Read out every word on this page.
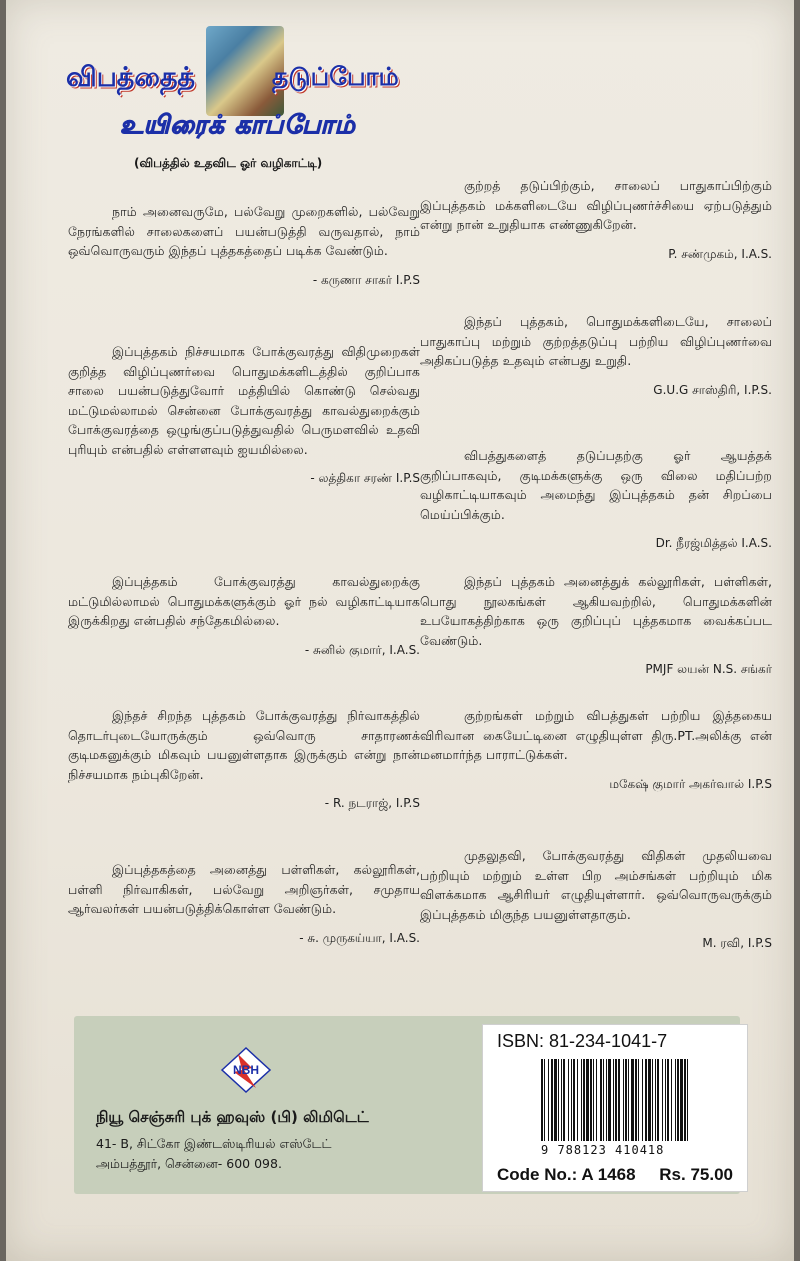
விபத்தைத்	தடுப்போம்
உயிரைக் காப்போம்
(விபத்தில் உதவிட ஓர் வழிகாட்டி)

நாம் அனைவருமே, பல்வேறு முறைகளில், பல்வேறு நேரங்களில் சாலைகளைப் பயன்படுத்தி வருவதால், நாம் ஒவ்வொருவரும் இந்தப் புத்தகத்தைப் படிக்க வேண்டும்.

- கருணா சாகர் I.P.S

இப்புத்தகம் நிச்சயமாக போக்குவரத்து விதிமுறைகள் குறித்த விழிப்புணர்வை பொதுமக்களிடத்தில் குறிப்பாக சாலை பயன்படுத்துவோர் மத்தியில் கொண்டு செல்வது மட்டுமல்லாமல் சென்னை போக்குவரத்து காவல்துறைக்கும் போக்குவரத்தை ஒழுங்குப்படுத்துவதில் பெருமளவில் உதவி புரியும் என்பதில் எள்ளளவும் ஐயமில்லை.

- லத்திகா சரண் I.P.S

இப்புத்தகம் போக்குவரத்து காவல்துறைக்கு மட்டுமில்லாமல் பொதுமக்களுக்கும் ஓர் நல் வழிகாட்டியாக இருக்கிறது என்பதில் சந்தேகமில்லை.

- சுனில் குமார், I.A.S.

இந்தச் சிறந்த புத்தகம் போக்குவரத்து நிர்வாகத்தில் தொடர்புடையோருக்கும் ஒவ்வொரு சாதாரணக் குடிமகனுக்கும் மிகவும் பயனுள்ளதாக இருக்கும் என்று நான் நிச்சயமாக நம்புகிறேன்.

- R. நடராஜ், I.P.S

இப்புத்தகத்தை அனைத்து பள்ளிகள், கல்லூரிகள், பள்ளி நிர்வாகிகள், பல்வேறு அறிஞர்கள், சமுதாய ஆர்வலர்கள் பயன்படுத்திக்கொள்ள வேண்டும்.

- சு. முருகய்யா, I.A.S.

குற்றத் தடுப்பிற்கும், சாலைப் பாதுகாப்பிற்கும் இப்புத்தகம் மக்களிடையே விழிப்புணர்ச்சியை ஏற்படுத்தும் என்று நான் உறுதியாக எண்ணுகிறேன்.

P. சண்முகம், I.A.S.

இந்தப் புத்தகம், பொதுமக்களிடையே, சாலைப் பாதுகாப்பு மற்றும் குற்றத்தடுப்பு பற்றிய விழிப்புணர்வை அதிகப்படுத்த உதவும் என்பது உறுதி.

G.U.G சாஸ்திரி, I.P.S.

விபத்துகளைத் தடுப்பதற்கு ஓர் ஆயத்தக் குறிப்பாகவும், குடிமக்களுக்கு ஒரு விலை மதிப்பற்ற வழிகாட்டியாகவும் அமைந்து இப்புத்தகம் தன் சிறப்பை மெய்ப்பிக்கும்.

Dr. நீரஜ்மித்தல் I.A.S.

இந்தப் புத்தகம் அனைத்துக் கல்லூரிகள், பள்ளிகள், பொது நூலகங்கள் ஆகியவற்றில், பொதுமக்களின் உபயோகத்திற்காக ஒரு குறிப்புப் புத்தகமாக வைக்கப்பட வேண்டும்.

PMJF லயன் N.S. சங்கர்

குற்றங்கள் மற்றும் விபத்துகள் பற்றிய இத்தகைய விரிவான கையேட்டினை எழுதியுள்ள திரு.PT.அலிக்கு என் மனமார்ந்த பாராட்டுக்கள்.

மகேஷ் குமார் அகர்வால் I.P.S

முதலுதவி, போக்குவரத்து விதிகள் முதலியவை பற்றியும் மற்றும் உள்ள பிற அம்சங்கள் பற்றியும் மிக விளக்கமாக ஆசிரியர் எழுதியுள்ளார். ஒவ்வொருவருக்கும் இப்புத்தகம் மிகுந்த பயனுள்ளதாகும்.

M. ரவி, I.P.S
NBH
நியூ செஞ்சுரி புக் ஹவுஸ் (பி) லிமிடெட்
41- B, சிட்கோ இண்டஸ்டிரியல் எஸ்டேட்
அம்பத்தூர், சென்னை- 600 098.
ISBN: 81-234-1041-7
9 788123 410418
Code No.: A 1468 Rs. 75.00
